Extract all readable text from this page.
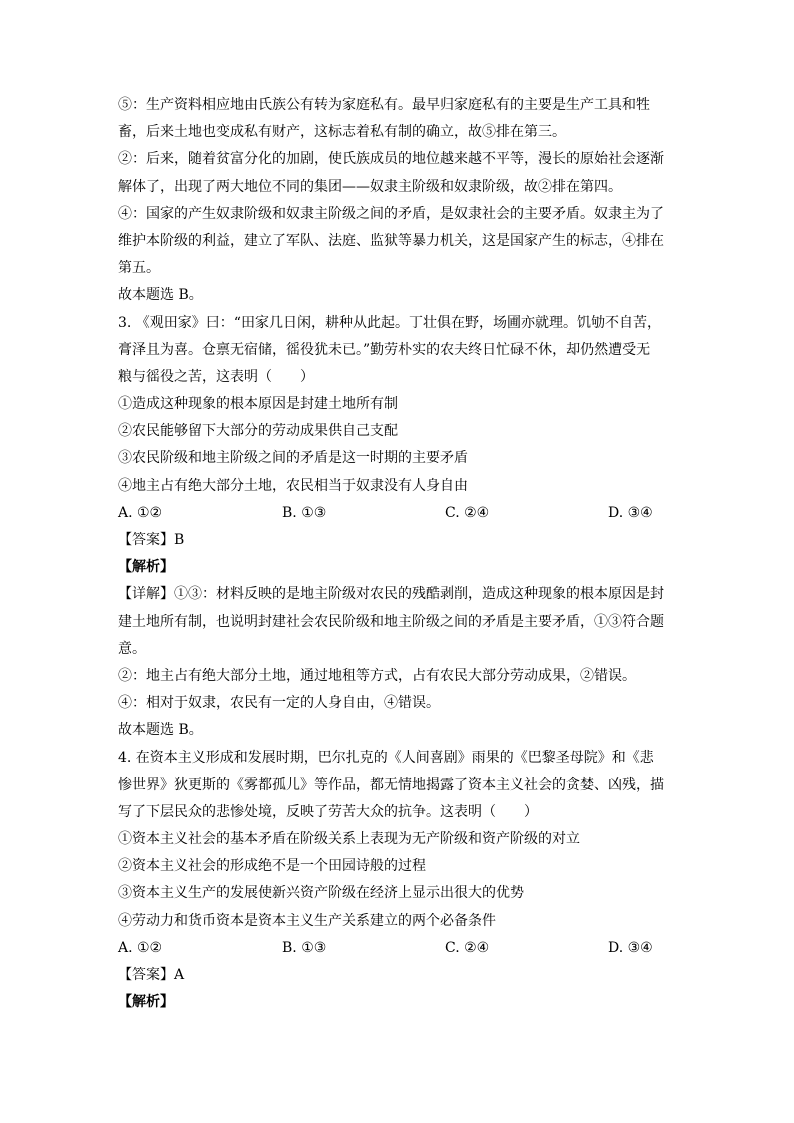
⑤：生产资料相应地由氏族公有转为家庭私有。最早归家庭私有的主要是生产工具和牲
畜，后来土地也变成私有财产，这标志着私有制的确立，故⑤排在第三。
②：后来，随着贫富分化的加剧，使氏族成员的地位越来越不平等，漫长的原始社会逐渐
解体了，出现了两大地位不同的集团——奴隶主阶级和奴隶阶级，故②排在第四。
④：国家的产生奴隶阶级和奴隶主阶级之间的矛盾，是奴隶社会的主要矛盾。奴隶主为了
维护本阶级的利益，建立了军队、法庭、监狱等暴力机关，这是国家产生的标志，④排在
第五。
故本题选 B。
3. 《观田家》曰：“田家几日闲，耕种从此起。丁壮俱在野，场圃亦就理。饥劬不自苦，
膏泽且为喜。仓禀无宿储，徭役犹未已。”勤劳朴实的农夫终日忙碌不休，却仍然遭受无
粮与徭役之苦，这表明（　　）
①造成这种现象的根本原因是封建土地所有制
②农民能够留下大部分的劳动成果供自己支配
③农民阶级和地主阶级之间的矛盾是这一时期的主要矛盾
④地主占有绝大部分土地，农民相当于奴隶没有人身自由
A. ①②	B. ①③	C. ②④	D. ③④
【答案】B
【解析】
【详解】①③：材料反映的是地主阶级对农民的残酷剥削，造成这种现象的根本原因是封
建土地所有制，也说明封建社会农民阶级和地主阶级之间的矛盾是主要矛盾，①③符合题
意。
②：地主占有绝大部分土地，通过地租等方式，占有农民大部分劳动成果，②错误。
④：相对于奴隶，农民有一定的人身自由，④错误。
故本题选 B。
4. 在资本主义形成和发展时期，巴尔扎克的《人间喜剧》雨果的《巴黎圣母院》和《悲
惨世界》狄更斯的《雾都孤儿》等作品，都无情地揭露了资本主义社会的贪婪、凶残，描
写了下层民众的悲惨处境，反映了劳苦大众的抗争。这表明（　　）
①资本主义社会的基本矛盾在阶级关系上表现为无产阶级和资产阶级的对立
②资本主义社会的形成绝不是一个田园诗般的过程
③资本主义生产的发展使新兴资产阶级在经济上显示出很大的优势
④劳动力和货币资本是资本主义生产关系建立的两个必备条件
A. ①②	B. ①③	C. ②④	D. ③④
【答案】A
【解析】
